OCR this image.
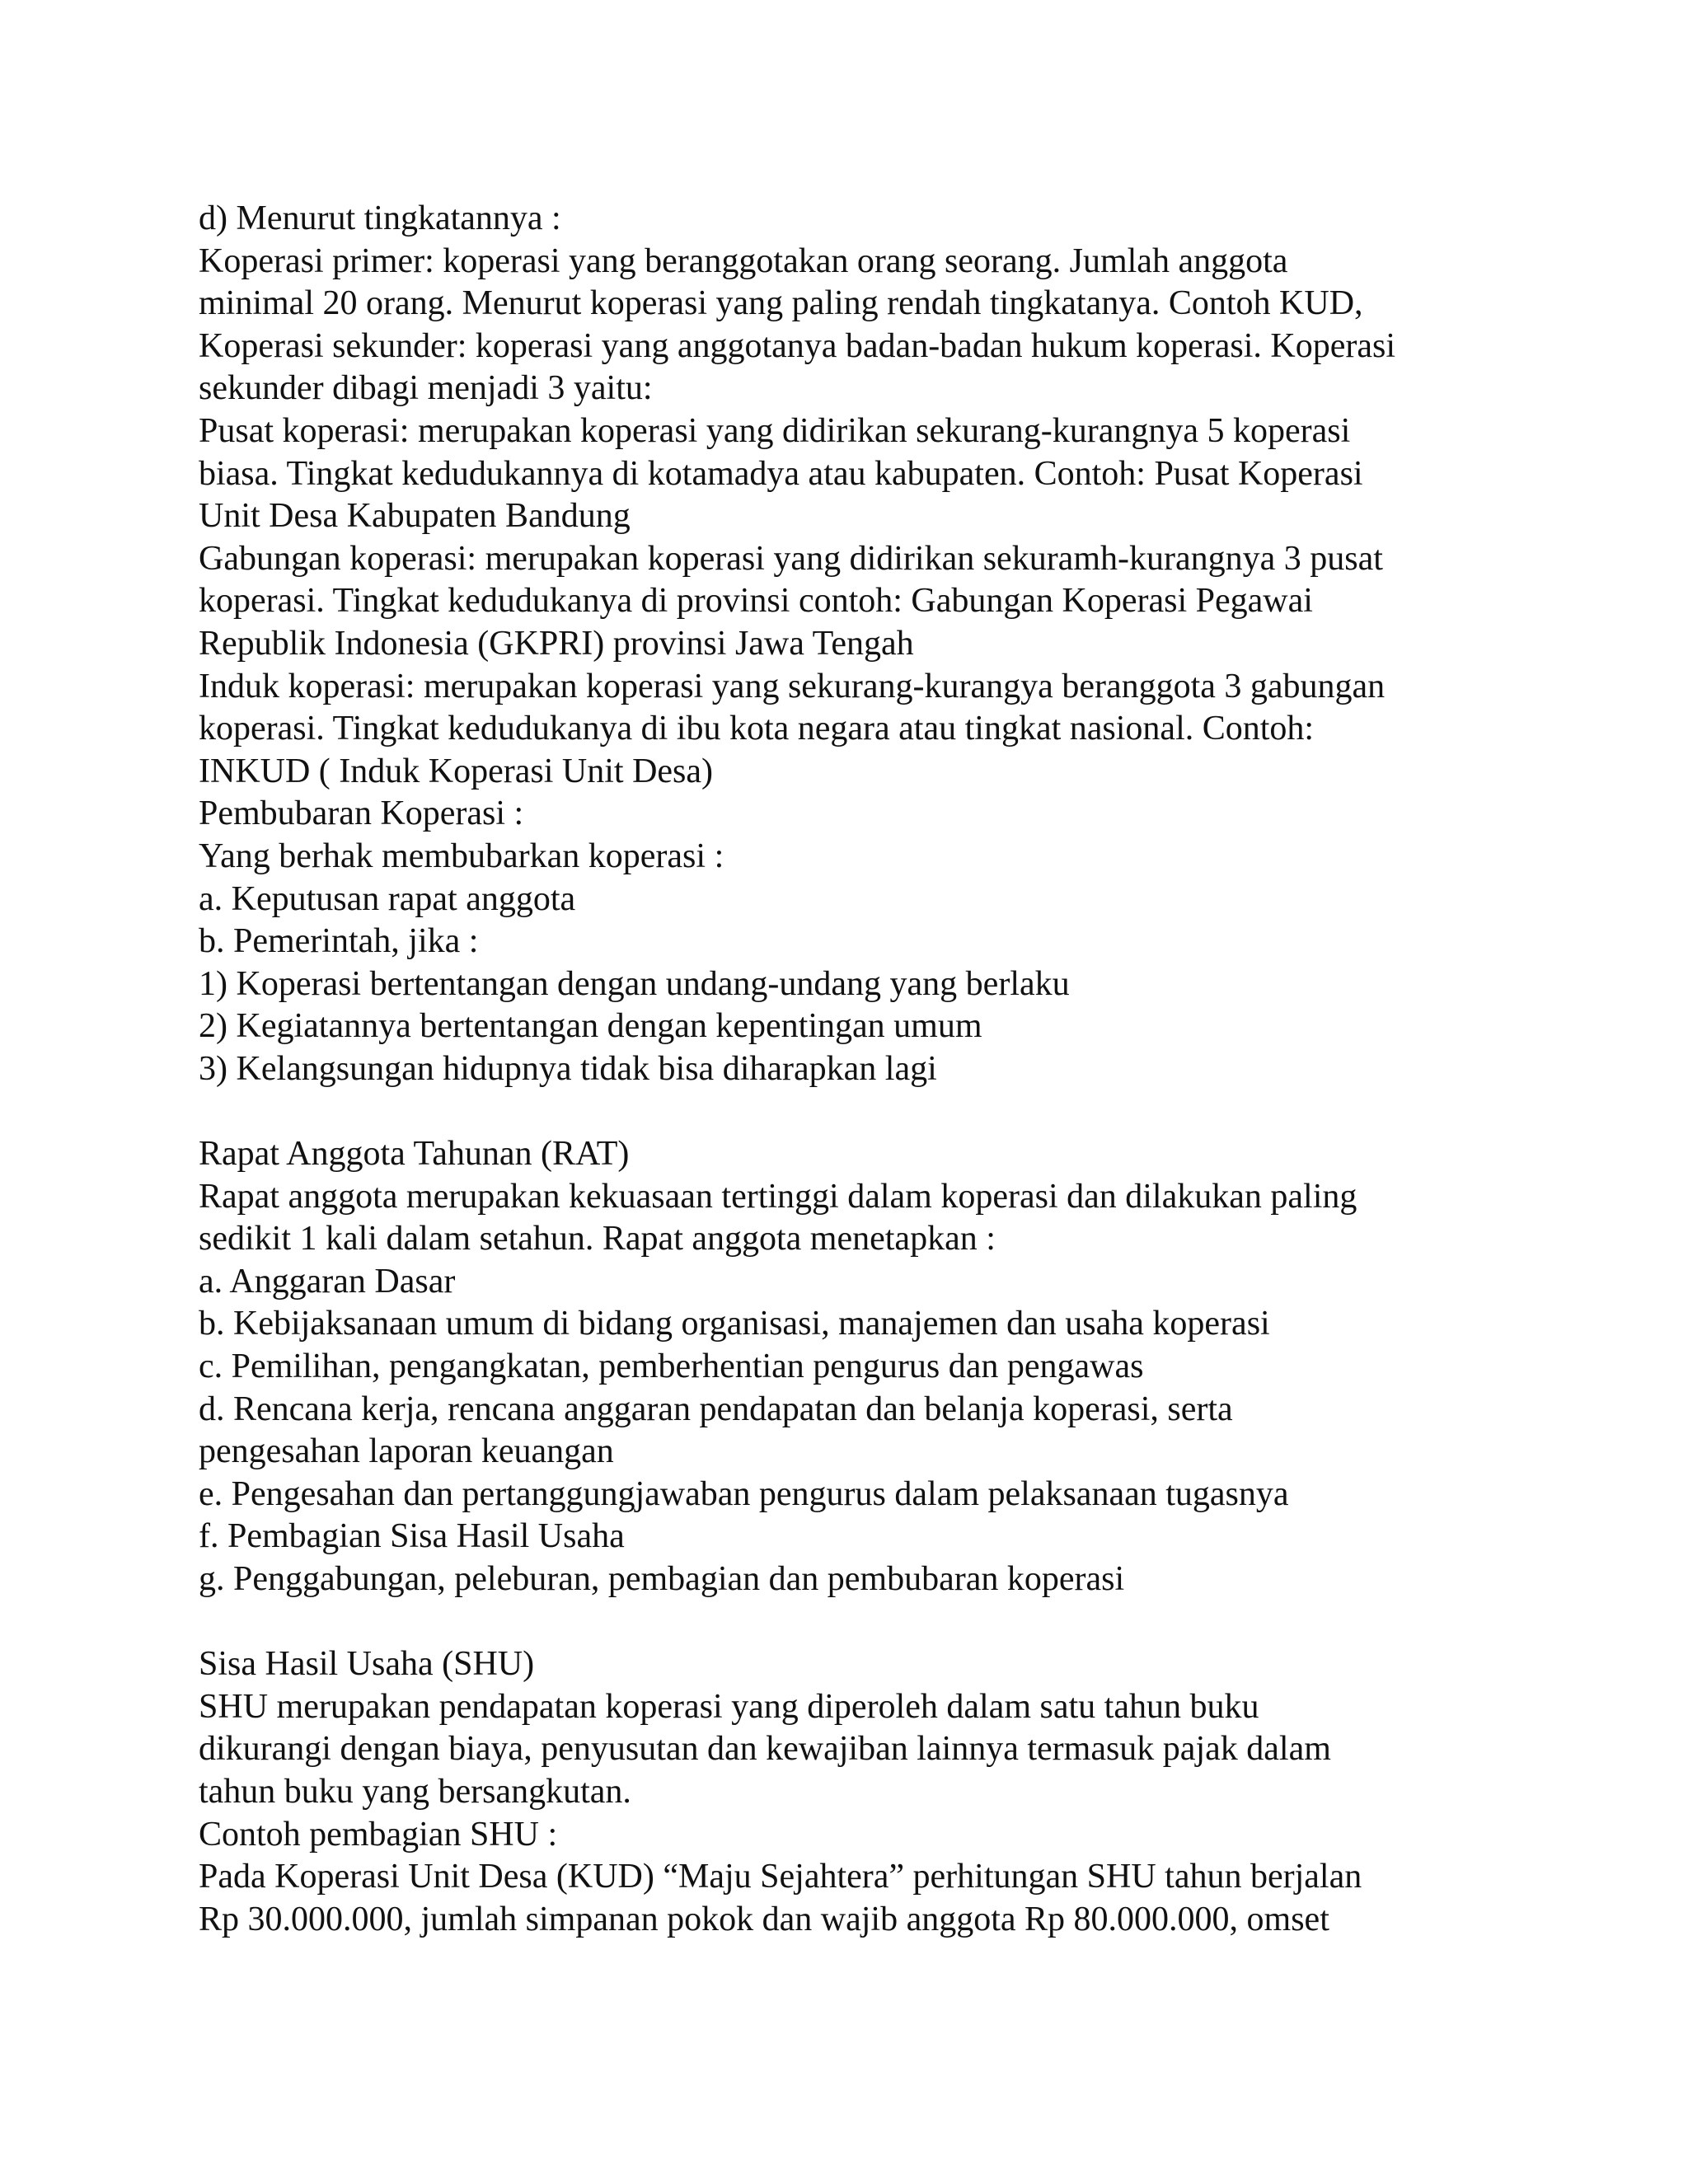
d) Menurut tingkatannya :
Koperasi primer: koperasi yang beranggotakan orang seorang. Jumlah anggota
minimal 20 orang. Menurut koperasi yang paling rendah tingkatanya. Contoh KUD,
Koperasi sekunder: koperasi yang anggotanya badan-badan hukum koperasi. Koperasi
sekunder dibagi menjadi 3 yaitu:
Pusat koperasi: merupakan koperasi yang didirikan sekurang-kurangnya 5 koperasi
biasa. Tingkat kedudukannya di kotamadya atau kabupaten. Contoh: Pusat Koperasi
Unit Desa Kabupaten Bandung
Gabungan koperasi: merupakan koperasi yang didirikan sekuramh-kurangnya 3 pusat
koperasi. Tingkat kedudukanya di provinsi contoh: Gabungan Koperasi Pegawai
Republik Indonesia (GKPRI) provinsi Jawa Tengah
Induk koperasi: merupakan koperasi yang sekurang-kurangya beranggota 3 gabungan
koperasi. Tingkat kedudukanya di ibu kota negara atau tingkat nasional. Contoh:
INKUD ( Induk Koperasi Unit Desa)
Pembubaran Koperasi :
Yang berhak membubarkan koperasi :
a. Keputusan rapat anggota
b. Pemerintah, jika :
1) Koperasi bertentangan dengan undang-undang yang berlaku
2) Kegiatannya bertentangan dengan kepentingan umum
3) Kelangsungan hidupnya tidak bisa diharapkan lagi
Rapat Anggota Tahunan (RAT)
Rapat anggota merupakan kekuasaan tertinggi dalam koperasi dan dilakukan paling
sedikit 1 kali dalam setahun. Rapat anggota menetapkan :
a. Anggaran Dasar
b. Kebijaksanaan umum di bidang organisasi, manajemen dan usaha koperasi
c. Pemilihan, pengangkatan, pemberhentian pengurus dan pengawas
d. Rencana kerja, rencana anggaran pendapatan dan belanja koperasi, serta
pengesahan laporan keuangan
e. Pengesahan dan pertanggungjawaban pengurus dalam pelaksanaan tugasnya
f. Pembagian Sisa Hasil Usaha
g. Penggabungan, peleburan, pembagian dan pembubaran koperasi
Sisa Hasil Usaha (SHU)
SHU merupakan pendapatan koperasi yang diperoleh dalam satu tahun buku
dikurangi dengan biaya, penyusutan dan kewajiban lainnya termasuk pajak dalam
tahun buku yang bersangkutan.
Contoh pembagian SHU :
Pada Koperasi Unit Desa (KUD) “Maju Sejahtera” perhitungan SHU tahun berjalan
Rp 30.000.000, jumlah simpanan pokok dan wajib anggota Rp 80.000.000, omset
